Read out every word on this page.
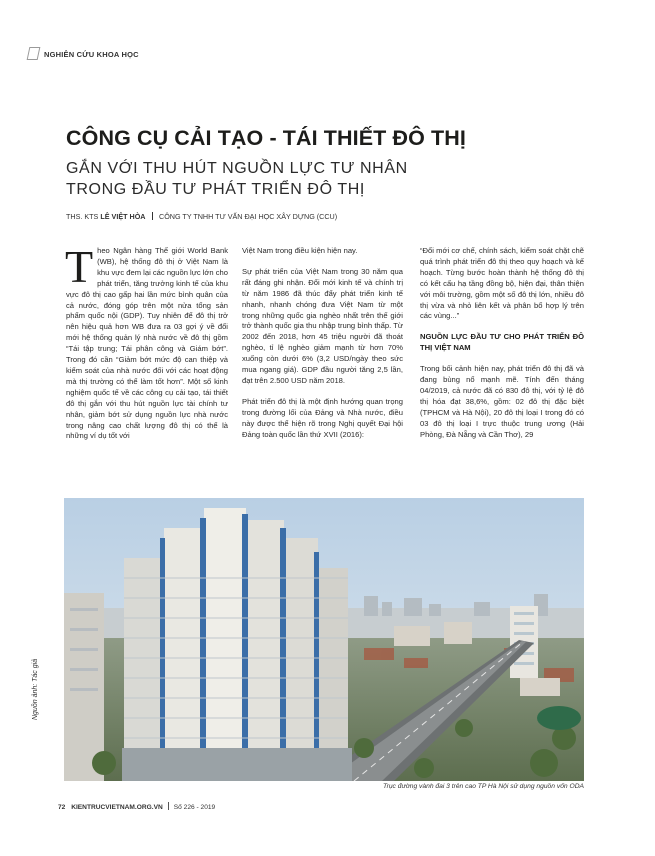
NGHIÊN CỨU KHOA HỌC
CÔNG CỤ CẢI TẠO - TÁI THIẾT ĐÔ THỊ
GẮN VỚI THU HÚT NGUỒN LỰC TƯ NHÂN
TRONG ĐẦU TƯ PHÁT TRIỂN ĐÔ THỊ
THS. KTS LÊ VIỆT HÒA CÔNG TY TNHH TƯ VẤN ĐẠI HỌC XÂY DỰNG (CCU)

Theo Ngân hàng Thế giới World Bank (WB), hệ thống đô thị ở Việt Nam là khu vực đem lại các nguồn lực lớn cho phát triển, tăng trưởng kinh tế của khu vực đô thị cao gấp hai lần mức bình quân của cả nước, đóng góp trên một nửa tổng sản phẩm quốc nội (GDP). Tuy nhiên để đô thị trở nên hiệu quả hơn WB đưa ra 03 gợi ý về đổi mới hệ thống quản lý nhà nước về đô thị gồm “Tái tập trung; Tái phân công và Giám bớt”. Trong đó cần “Giảm bớt mức độ can thiệp và kiểm soát của nhà nước đối với các hoạt động mà thị trường có thể làm tốt hơn”. Một số kinh nghiệm quốc tế về các công cụ cải tạo, tái thiết đô thị gắn với thu hút nguồn lực tài chính tư nhân, giảm bớt sử dụng nguồn lực nhà nước trong nâng cao chất lượng đô thị có thể là những ví dụ tốt với

Việt Nam trong điều kiện hiện nay.

Sự phát triển của Việt Nam trong 30 năm qua rất đáng ghi nhận. Đổi mới kinh tế và chính trị từ năm 1986 đã thúc đẩy phát triển kinh tế nhanh, nhanh chóng đưa Việt Nam từ một trong những quốc gia nghèo nhất trên thế giới trở thành quốc gia thu nhập trung bình thấp. Từ 2002 đến 2018, hơn 45 triệu người đã thoát nghèo, tỉ lệ nghèo giảm mạnh từ hơn 70% xuống còn dưới 6% (3,2 USD/ngày theo sức mua ngang giá). GDP đầu người tăng 2,5 lần, đạt trên 2.500 USD năm 2018.

Phát triển đô thị là một định hướng quan trọng trong đường lối của Đảng và Nhà nước, điều này được thể hiện rõ trong Nghị quyết Đại hội Đảng toàn quốc lần thứ XVII (2016):

“Đổi mới cơ chế, chính sách, kiểm soát chặt chẽ quá trình phát triển đô thị theo quy hoạch và kế hoạch. Từng bước hoàn thành hệ thống đô thị có kết cấu hạ tầng đồng bộ, hiện đại, thân thiện với môi trường, gồm một số đô thị lớn, nhiều đô thị vừa và nhỏ liên kết và phân bổ hợp lý trên các vùng...”

NGUỒN LỰC ĐẦU TƯ CHO PHÁT TRIỂN ĐÔ THỊ VIỆT NAM

Trong bối cảnh hiện nay, phát triển đô thị đã và đang bùng nổ mạnh mẽ. Tính đến tháng 04/2019, cả nước đã có 830 đô thị, với tỷ lệ đô thị hóa đạt 38,6%, gồm: 02 đô thị đặc biệt (TPHCM và Hà Nội), 20 đô thị loại I trong đó có 03 đô thị loại I trực thuộc trung ương (Hải Phòng, Đà Nẵng và Cần Thơ), 29

Nguồn ảnh: Tác giả
Trục đường vành đai 3 trên cao TP Hà Nội sử dụng nguồn vốn ODA
72 KIENTRUCVIETNAM.ORG.VN Số 226 - 2019
